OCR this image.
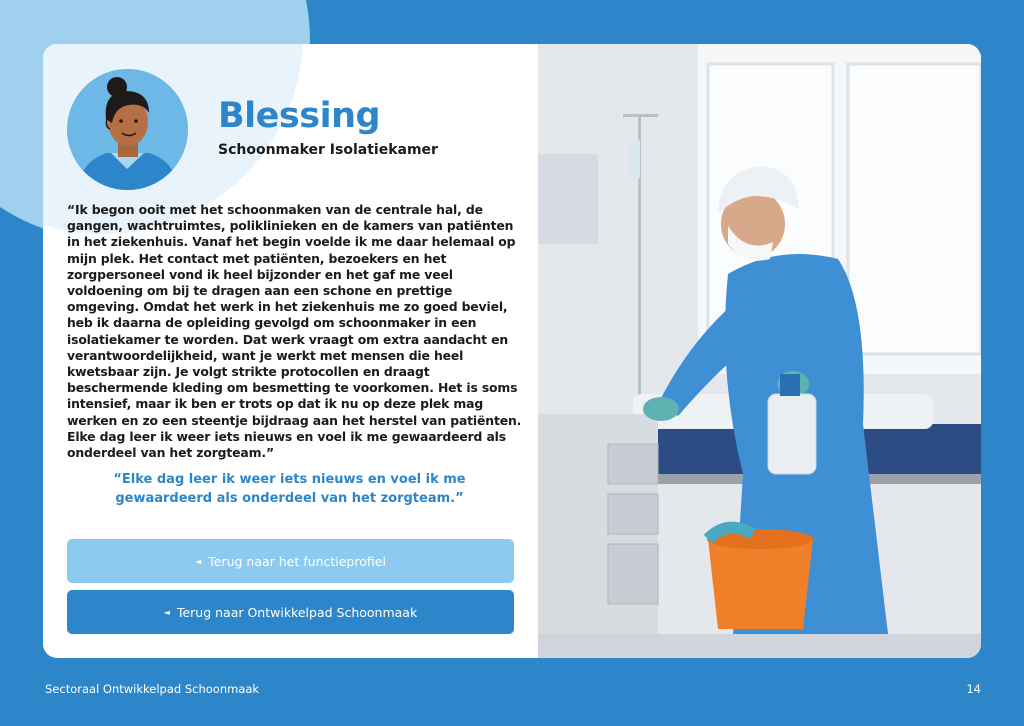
Blessing
Schoonmaker Isolatiekamer

“Ik begon ooit met het schoonmaken van de centrale hal, de gangen, wachtruimtes, poliklinieken en de kamers van patiënten in het ziekenhuis. Vanaf het begin voelde ik me daar helemaal op mijn plek. Het contact met patiënten, bezoekers en het zorgpersoneel vond ik heel bijzonder en het gaf me veel voldoening om bij te dragen aan een schone en prettige omgeving. Omdat het werk in het ziekenhuis me zo goed beviel, heb ik daarna de opleiding gevolgd om schoonmaker in een isolatiekamer te worden. Dat werk vraagt om extra aandacht en verantwoordelijkheid, want je werkt met mensen die heel kwetsbaar zijn. Je volgt strikte protocollen en draagt beschermende kleding om besmetting te voorkomen. Het is soms intensief, maar ik ben er trots op dat ik nu op deze plek mag werken en zo een steentje bijdraag aan het herstel van patiënten. Elke dag leer ik weer iets nieuws en voel ik me gewaardeerd als onderdeel van het zorgteam.”

“Elke dag leer ik weer iets nieuws en voel ik me gewaardeerd als onderdeel van het zorgteam.”
◄ Terug naar het functieprofiel
◄ Terug naar Ontwikkelpad Schoonmaak
Sectoraal Ontwikkelpad Schoonmaak	14
